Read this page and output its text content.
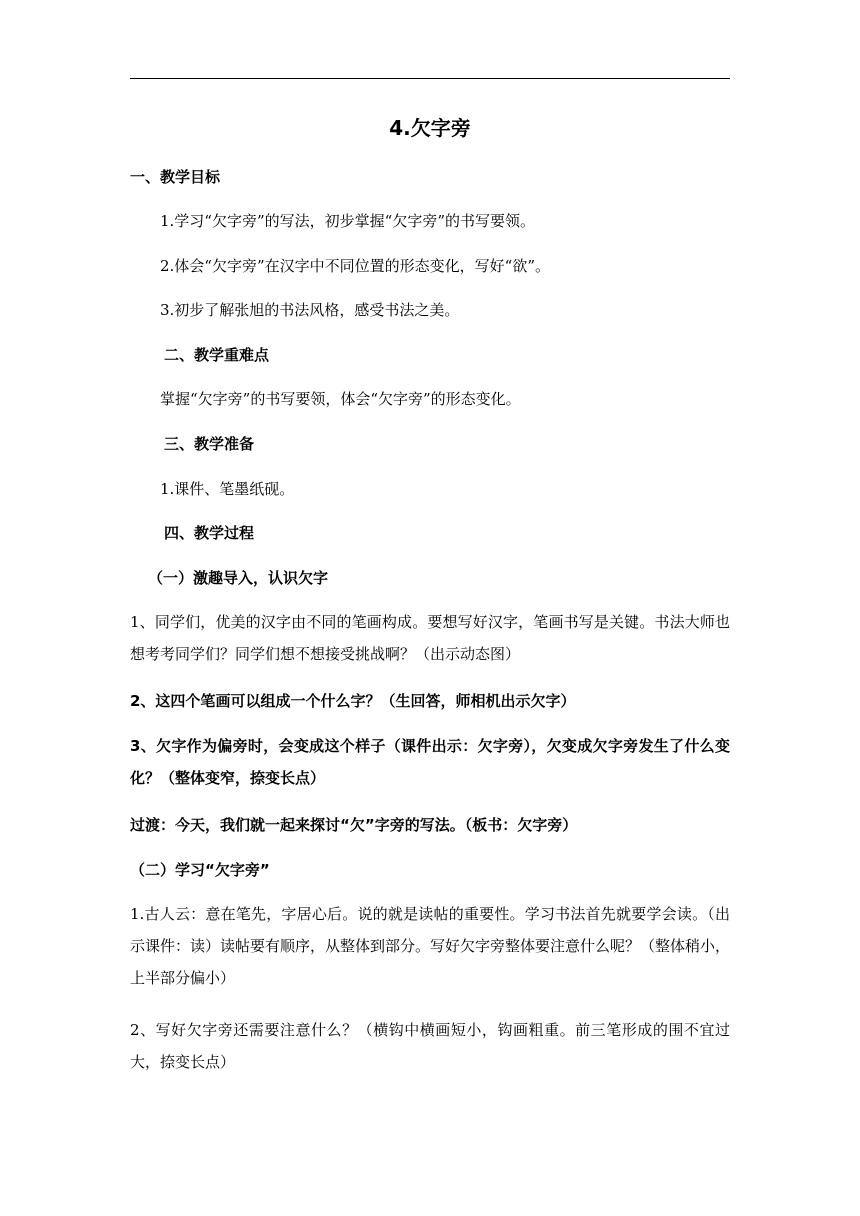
4.欠字旁
一、教学目标
1.学习“欠字旁”的写法，初步掌握“欠字旁”的书写要领。
2.体会“欠字旁”在汉字中不同位置的形态变化，写好“欲”。
3.初步了解张旭的书法风格，感受书法之美。
二、教学重难点
掌握“欠字旁”的书写要领，体会“欠字旁”的形态变化。
三、教学准备
1.课件、笔墨纸砚。
四、教学过程
（一）激趣导入，认识欠字
1、同学们，优美的汉字由不同的笔画构成。要想写好汉字，笔画书写是关键。书法大师也想考考同学们？同学们想不想接受挑战啊？（出示动态图）
2、这四个笔画可以组成一个什么字？（生回答，师相机出示欠字）
3、欠字作为偏旁时，会变成这个样子（课件出示：欠字旁），欠变成欠字旁发生了什么变化？（整体变窄，捺变长点）
过渡：今天，我们就一起来探讨“欠”字旁的写法。（板书：欠字旁）
（二）学习“欠字旁”
1.古人云：意在笔先，字居心后。说的就是读帖的重要性。学习书法首先就要学会读。（出示课件：读）读帖要有顺序，从整体到部分。写好欠字旁整体要注意什么呢？（整体稍小，上半部分偏小）
2、写好欠字旁还需要注意什么？（横钩中横画短小，钩画粗重。前三笔形成的围不宜过大，捺变长点）
